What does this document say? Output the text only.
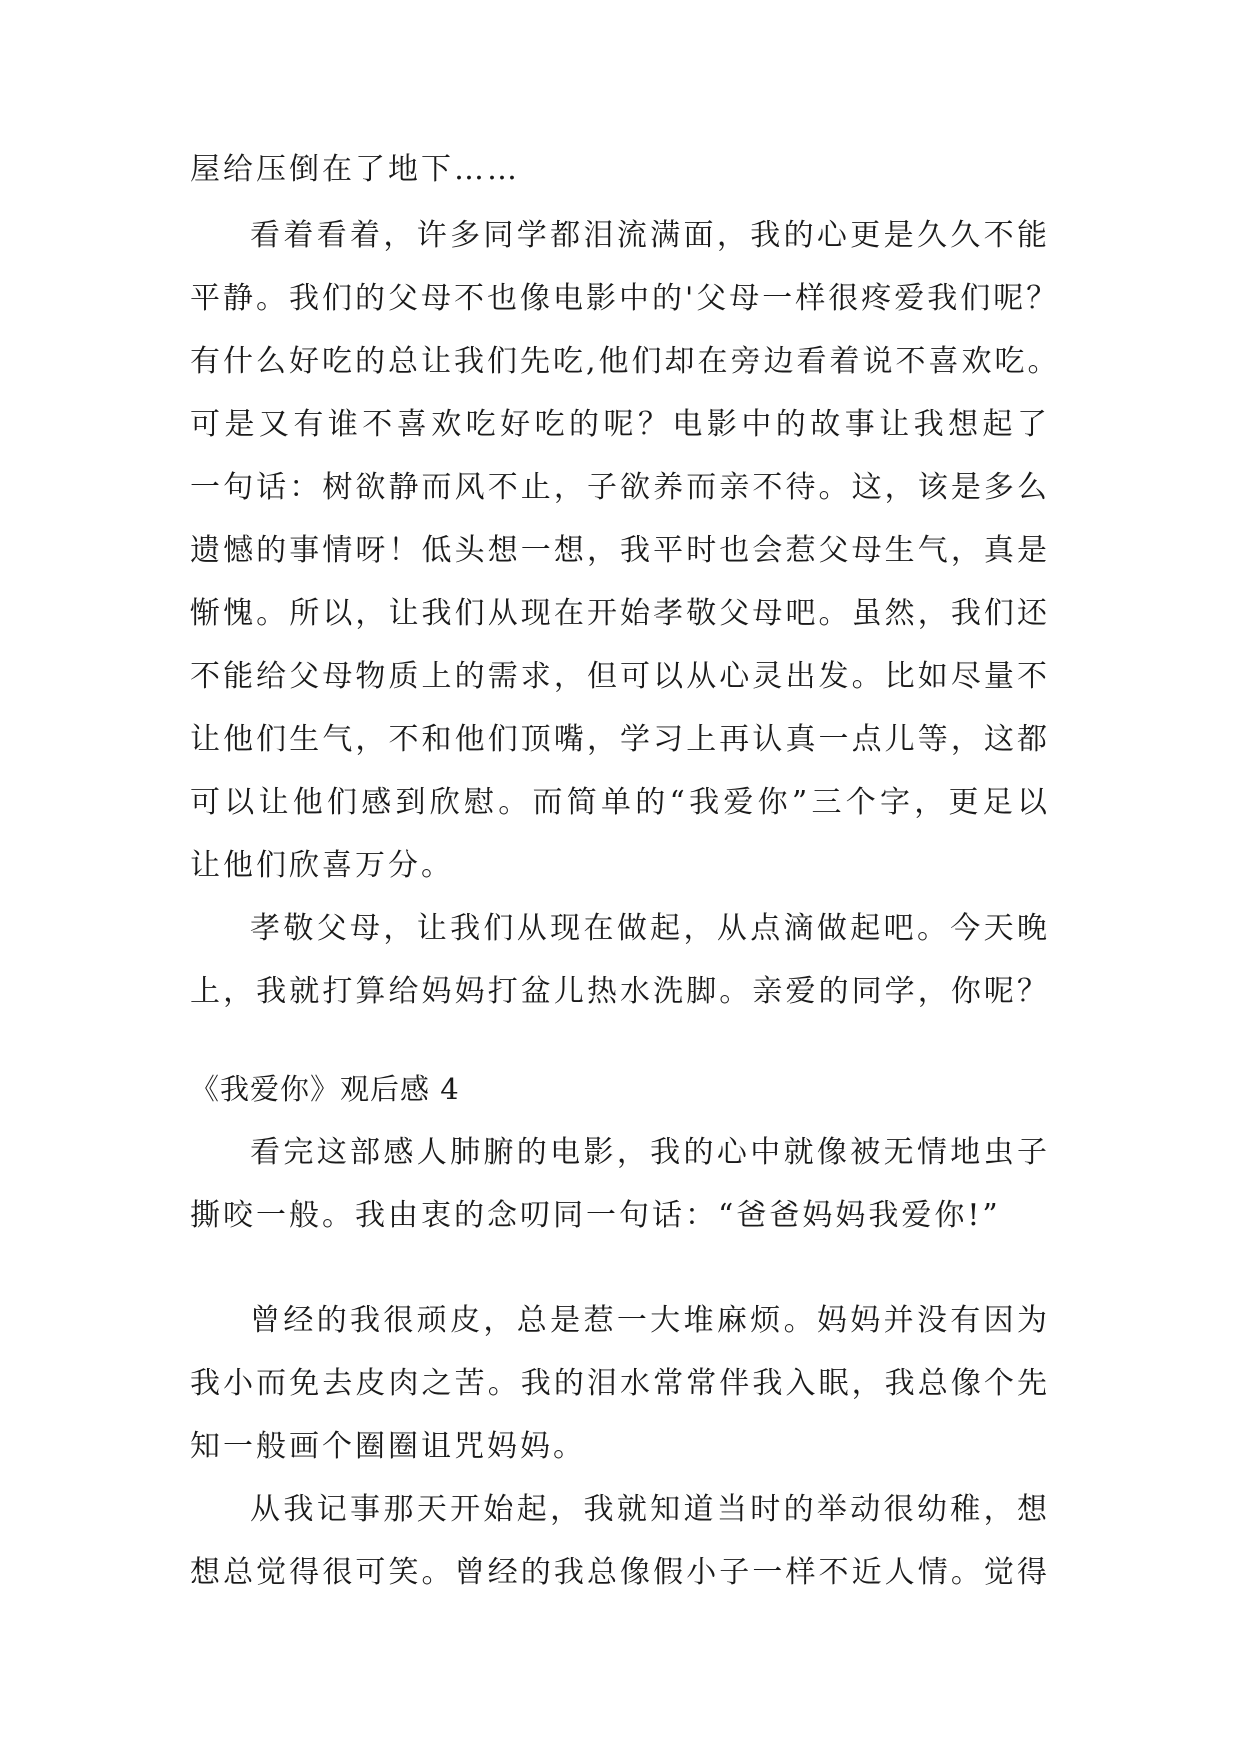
屋给压倒在了地下……
看着看着，许多同学都泪流满面，我的心更是久久不能
平静。我们的父母不也像电影中的'父母一样很疼爱我们呢？
有什么好吃的总让我们先吃,他们却在旁边看着说不喜欢吃。
可是又有谁不喜欢吃好吃的呢？电影中的故事让我想起了
一句话：树欲静而风不止，子欲养而亲不待。这，该是多么
遗憾的事情呀！低头想一想，我平时也会惹父母生气，真是
惭愧。所以，让我们从现在开始孝敬父母吧。虽然，我们还
不能给父母物质上的需求，但可以从心灵出发。比如尽量不
让他们生气，不和他们顶嘴，学习上再认真一点儿等，这都
可以让他们感到欣慰。而简单的“我爱你”三个字，更足以
让他们欣喜万分。
孝敬父母，让我们从现在做起，从点滴做起吧。今天晚
上，我就打算给妈妈打盆儿热水洗脚。亲爱的同学，你呢？
《我爱你》观后感 4
看完这部感人肺腑的电影，我的心中就像被无情地虫子
撕咬一般。我由衷的念叨同一句话：“爸爸妈妈我爱你!”
曾经的我很顽皮，总是惹一大堆麻烦。妈妈并没有因为
我小而免去皮肉之苦。我的泪水常常伴我入眠，我总像个先
知一般画个圈圈诅咒妈妈。
从我记事那天开始起，我就知道当时的举动很幼稚，想
想总觉得很可笑。曾经的我总像假小子一样不近人情。觉得
